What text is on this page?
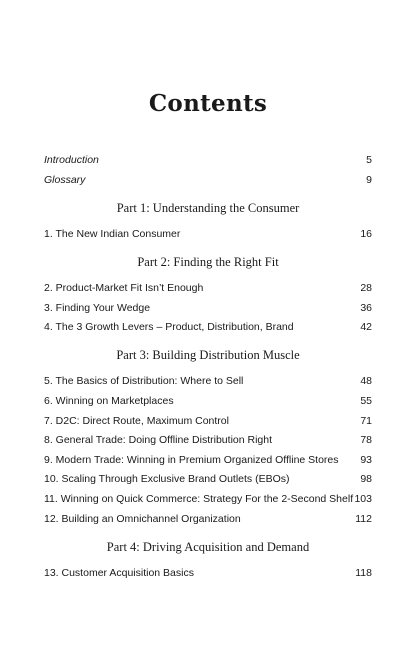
Contents
Introduction	5
Glossary	9
Part 1: Understanding the Consumer
1. The New Indian Consumer	16
Part 2: Finding the Right Fit
2. Product-Market Fit Isn’t Enough	28
3. Finding Your Wedge	36
4. The 3 Growth Levers – Product, Distribution, Brand	42
Part 3: Building Distribution Muscle
5. The Basics of Distribution: Where to Sell	48
6. Winning on Marketplaces	55
7. D2C: Direct Route, Maximum Control	71
8. General Trade: Doing Offline Distribution Right	78
9. Modern Trade: Winning in Premium Organized Offline Stores 93
10. Scaling Through Exclusive Brand Outlets (EBOs)	98
11. Winning on Quick Commerce: Strategy For the 2-Second Shelf 103
12. Building an Omnichannel Organization	112
Part 4: Driving Acquisition and Demand
13. Customer Acquisition Basics	118
